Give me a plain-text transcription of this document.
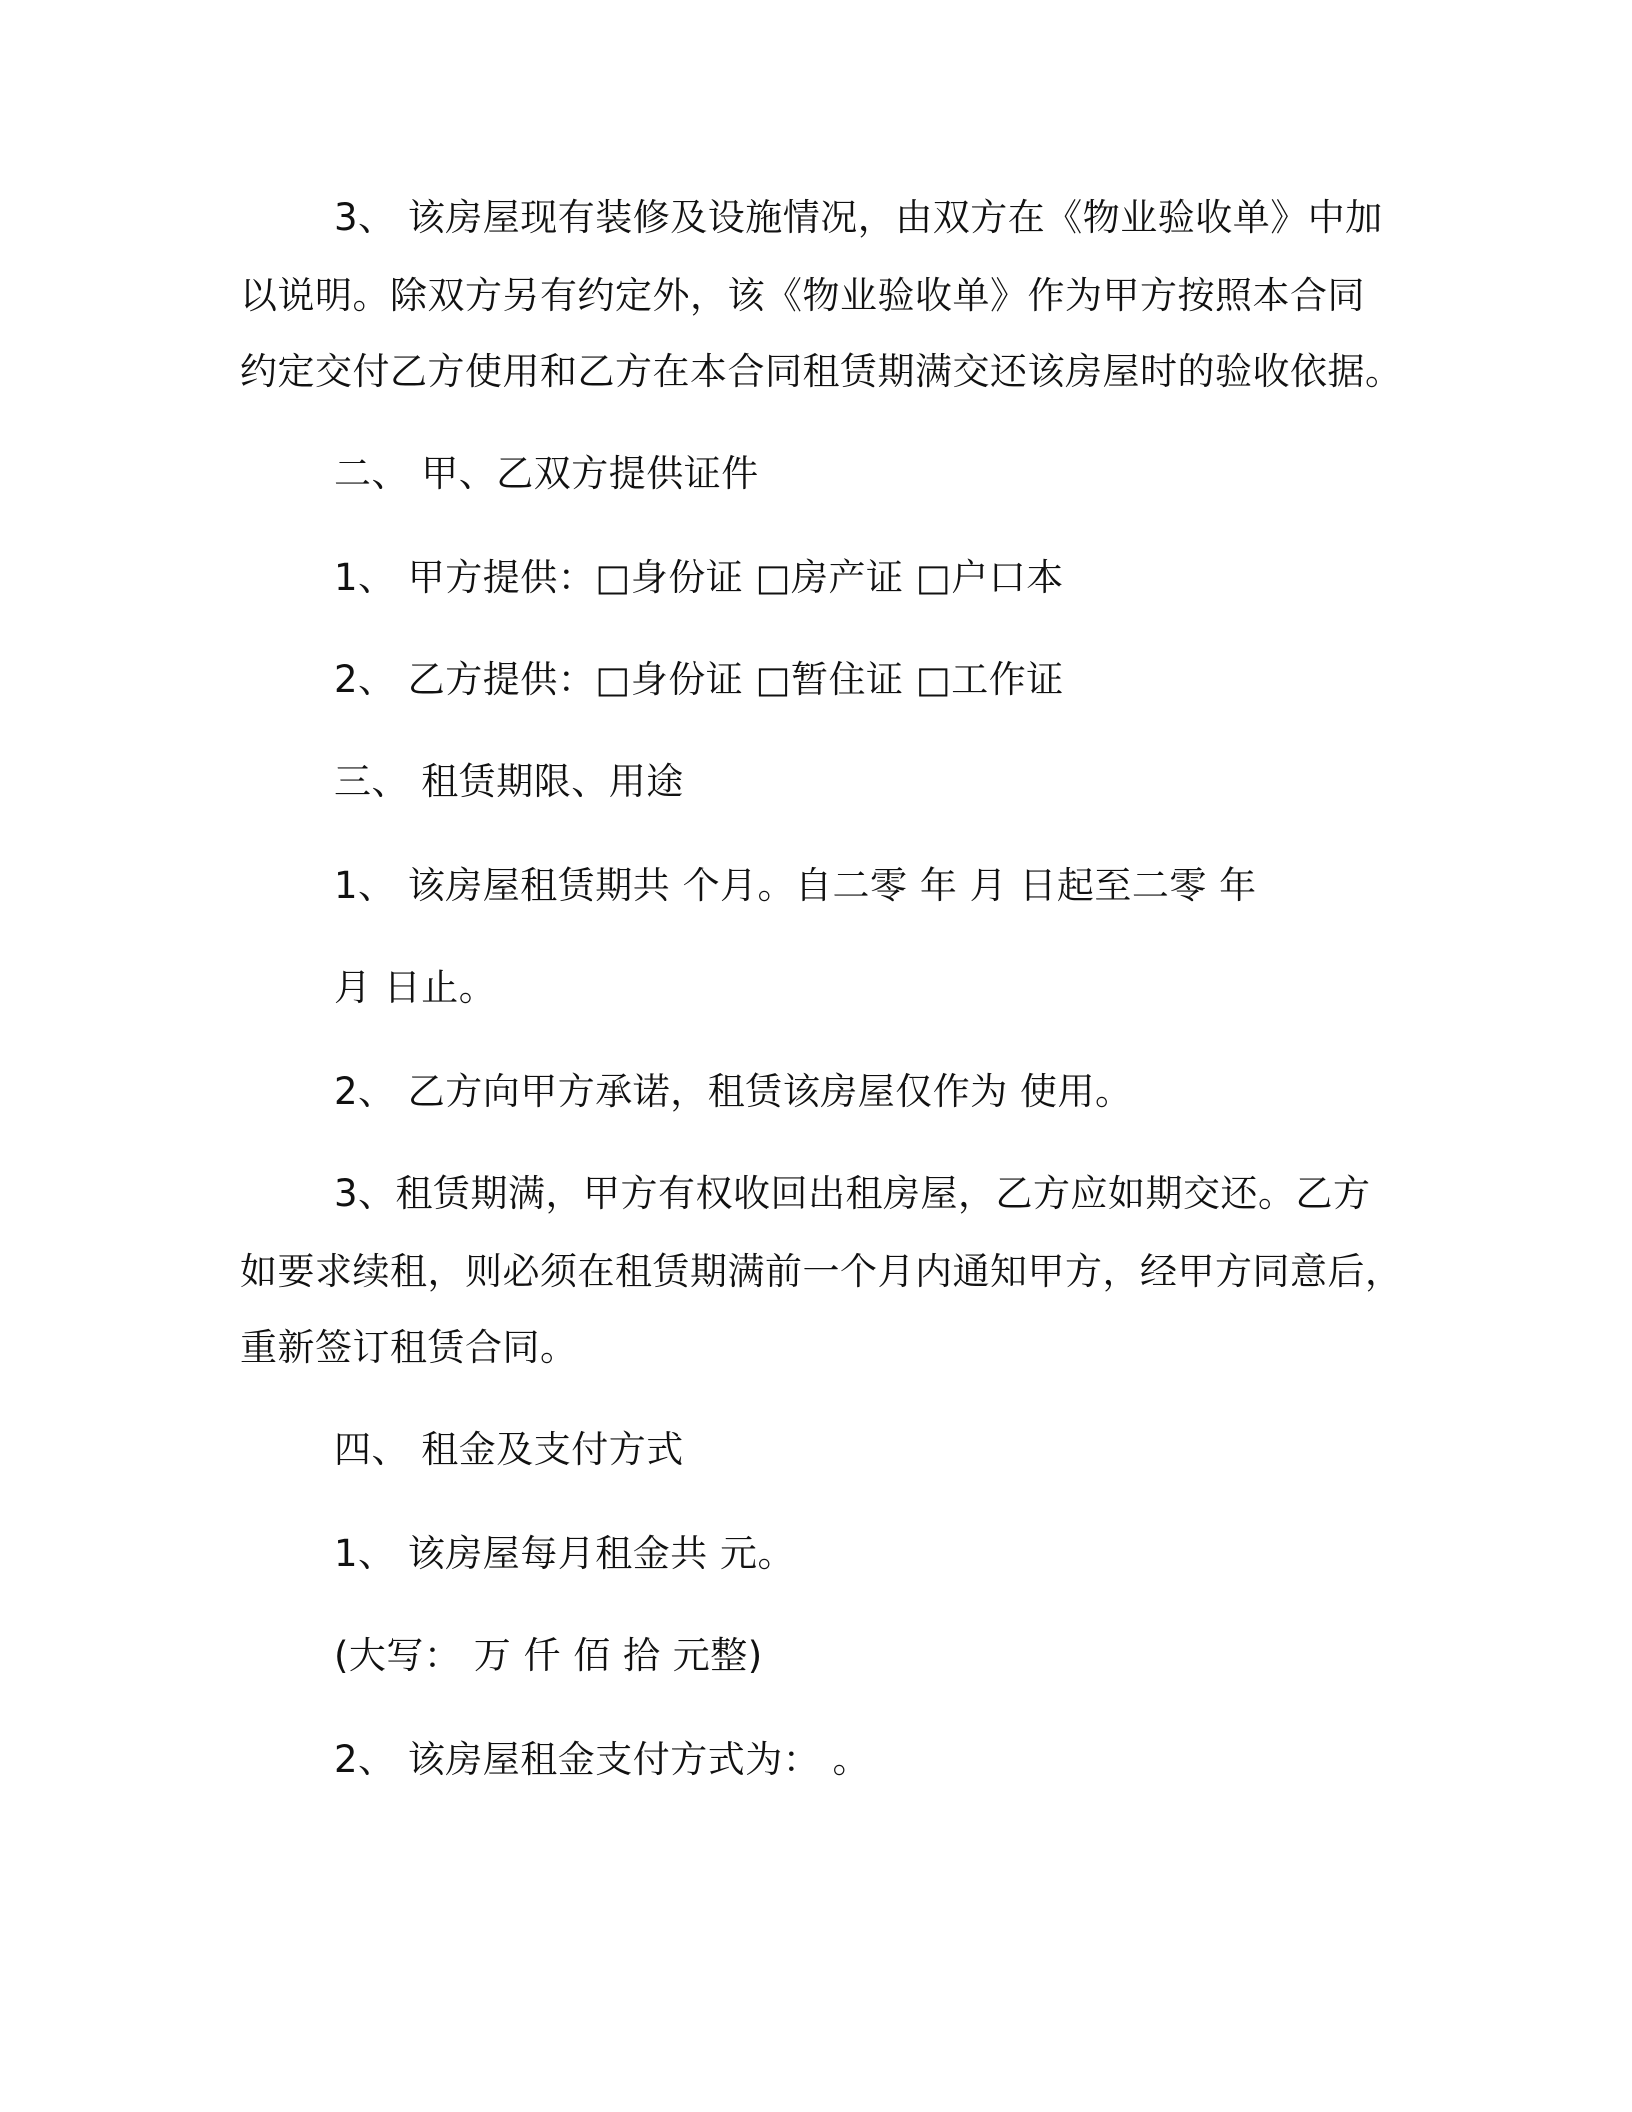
3、 该房屋现有装修及设施情况，由双方在《物业验收单》中加
以说明。除双方另有约定外，该《物业验收单》作为甲方按照本合同
约定交付乙方使用和乙方在本合同租赁期满交还该房屋时的验收依据。
二、 甲、乙双方提供证件
1、 甲方提供：□身份证 □房产证 □户口本
2、 乙方提供：□身份证 □暂住证 □工作证
三、 租赁期限、用途
1、 该房屋租赁期共 个月。自二零 年 月 日起至二零 年
月 日止。
2、 乙方向甲方承诺，租赁该房屋仅作为 使用。
3、租赁期满，甲方有权收回出租房屋，乙方应如期交还。乙方
如要求续租，则必须在租赁期满前一个月内通知甲方，经甲方同意后，
重新签订租赁合同。
四、 租金及支付方式
1、 该房屋每月租金共 元。
(大写： 万 仟 佰 拾 元整)
2、 该房屋租金支付方式为： 。
